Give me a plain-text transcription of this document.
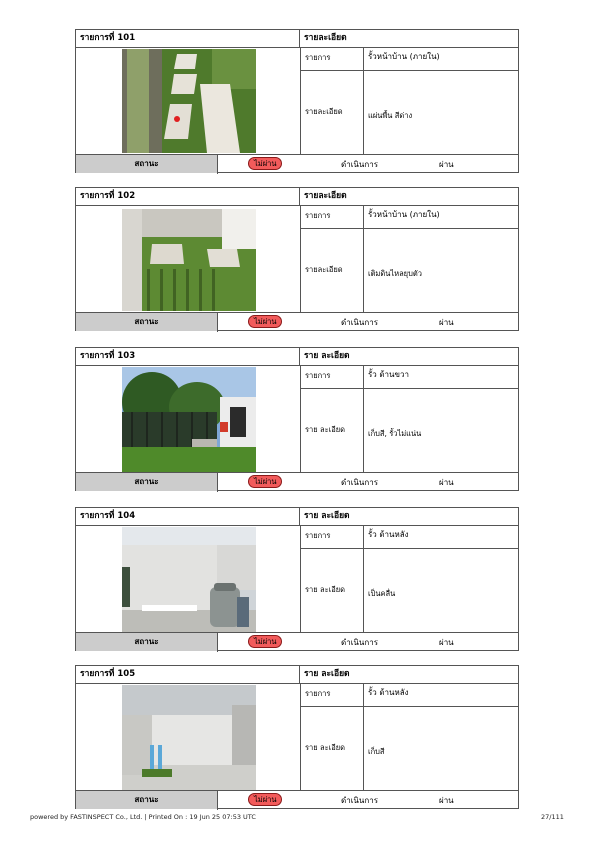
รายการที่ 101	รายละเอียด
รายการ	รั้วหน้าบ้าน (ภายใน)
รายละเอียด	แผ่นพื้น สีด่าง
สถานะ	ไม่ผ่าน	ดำเนินการ	ผ่าน
รายการที่ 102	รายละเอียด
รายการ	รั้วหน้าบ้าน (ภายใน)
รายละเอียด	เติมดินไหลยุบตัว
สถานะ	ไม่ผ่าน	ดำเนินการ	ผ่าน
รายการที่ 103	ราย ละเอียด
รายการ	รั้ว ด้านขวา
ราย ละเอียด	เก็บสี, รั้วไม่แน่น
สถานะ	ไม่ผ่าน	ดำเนินการ	ผ่าน
รายการที่ 104	ราย ละเอียด
รายการ	รั้ว ด้านหลัง
ราย ละเอียด	เป็นคลื่น
สถานะ	ไม่ผ่าน	ดำเนินการ	ผ่าน
รายการที่ 105	ราย ละเอียด
รายการ	รั้ว ด้านหลัง
ราย ละเอียด	เก็บสี
สถานะ	ไม่ผ่าน	ดำเนินการ	ผ่าน
powered by FASTINSPECT Co., Ltd. | Printed On : 19 Jun 25 07:53 UTC	27/111
